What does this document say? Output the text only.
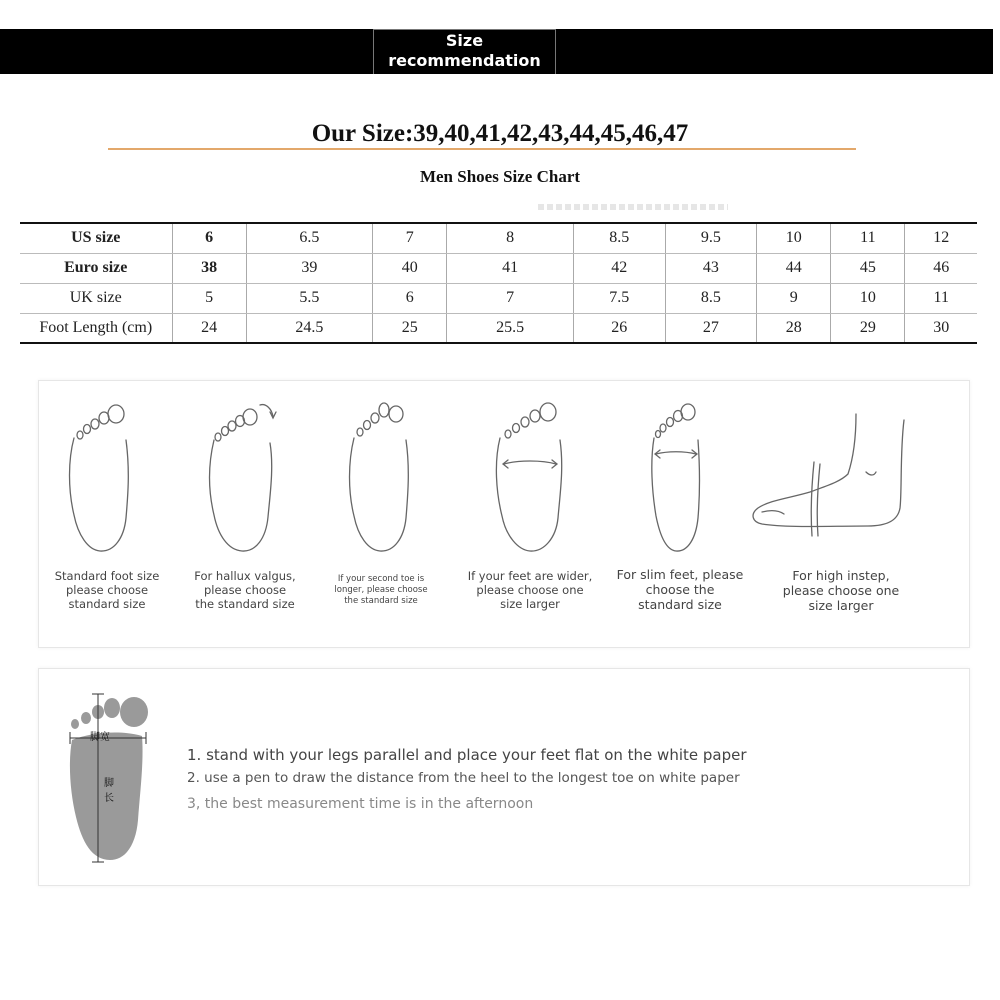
Size
recommendation
Our Size:39,40,41,42,43,44,45,46,47
Men Shoes Size Chart
US size	6	6.5	7	8	8.5	9.5	10	11	12
Euro size	38	39	40	41	42	43	44	45	46
UK size	5	5.5	6	7	7.5	8.5	9	10	11
Foot Length (cm)	24	24.5	25	25.5	26	27	28	29	30
Standard foot size
please choose
standard size
For hallux valgus,
please choose
the standard size
If your second toe is
longer, please choose
the standard size
If your feet are wider,
please choose one
size larger
For slim feet, please
choose the
standard size
For high instep,
please choose one
size larger
脚宽
脚
长
1. stand with your legs parallel and place your feet flat on the white paper
2. use a pen to draw the distance from the heel to the longest toe on white paper
3, the best measurement time is in the afternoon
